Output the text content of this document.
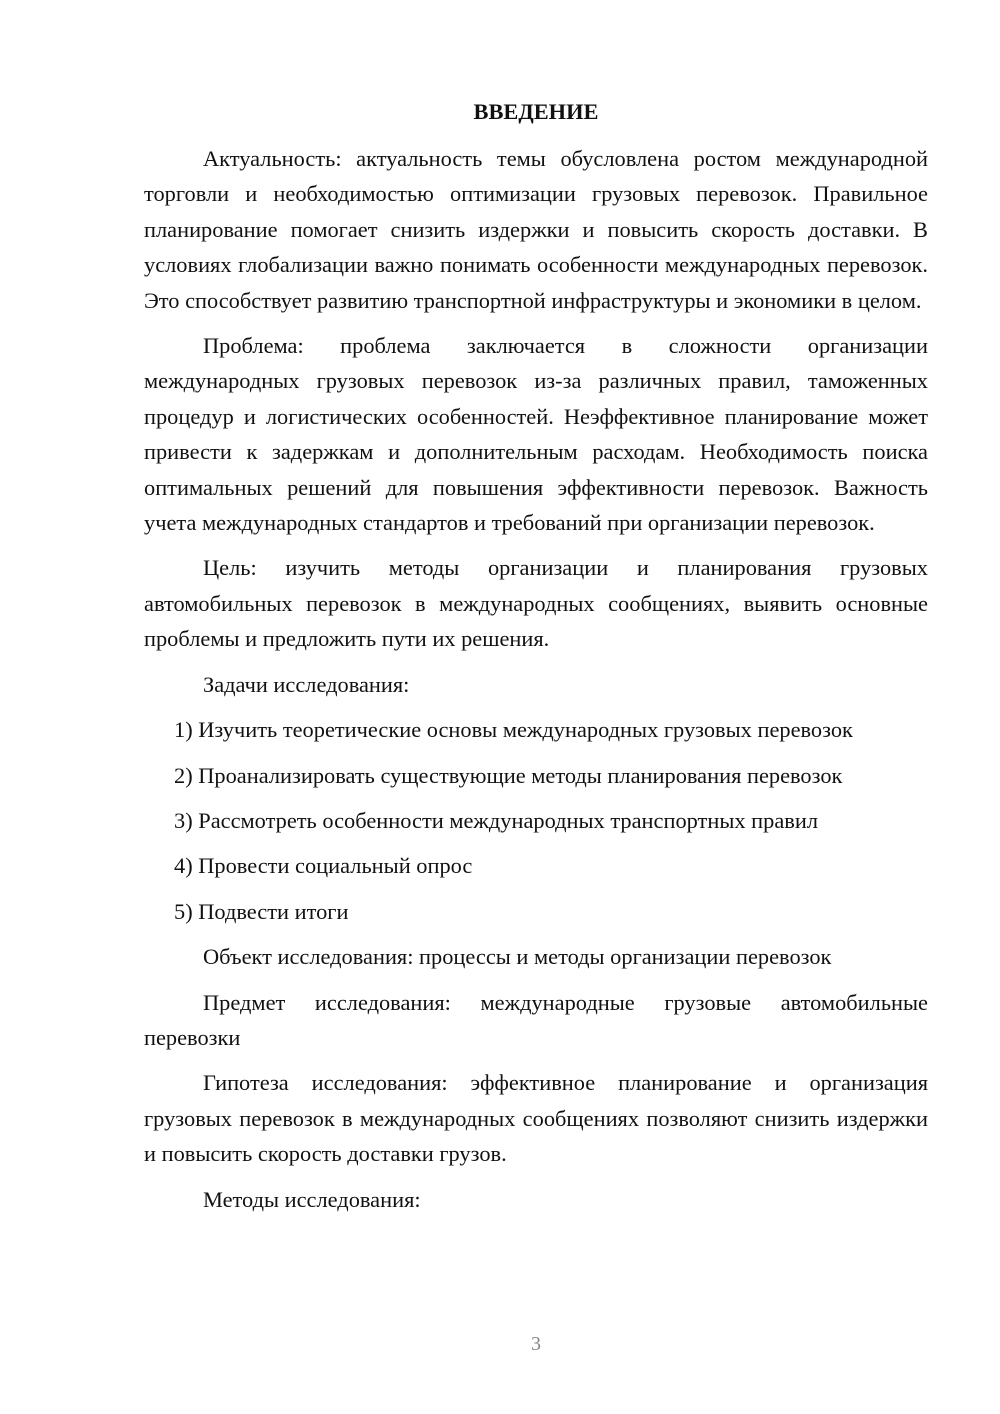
ВВЕДЕНИЕ
Актуальность: актуальность темы обусловлена ростом международной торговли и необходимостью оптимизации грузовых перевозок. Правильное планирование помогает снизить издержки и повысить скорость доставки. В условиях глобализации важно понимать особенности международных перевозок. Это способствует развитию транспортной инфраструктуры и экономики в целом.
Проблема: проблема заключается в сложности организации международных грузовых перевозок из-за различных правил, таможенных процедур и логистических особенностей. Неэффективное планирование может привести к задержкам и дополнительным расходам. Необходимость поиска оптимальных решений для повышения эффективности перевозок. Важность учета международных стандартов и требований при организации перевозок.
Цель: изучить методы организации и планирования грузовых автомобильных перевозок в международных сообщениях, выявить основные проблемы и предложить пути их решения.
Задачи исследования:
1) Изучить теоретические основы международных грузовых перевозок
2) Проанализировать существующие методы планирования перевозок
3) Рассмотреть особенности международных транспортных правил
4) Провести социальный опрос
5) Подвести итоги
Объект исследования: процессы и методы организации перевозок
Предмет исследования: международные грузовые автомобильные перевозки
Гипотеза исследования: эффективное планирование и организация грузовых перевозок в международных сообщениях позволяют снизить издержки и повысить скорость доставки грузов.
Методы исследования:
3
